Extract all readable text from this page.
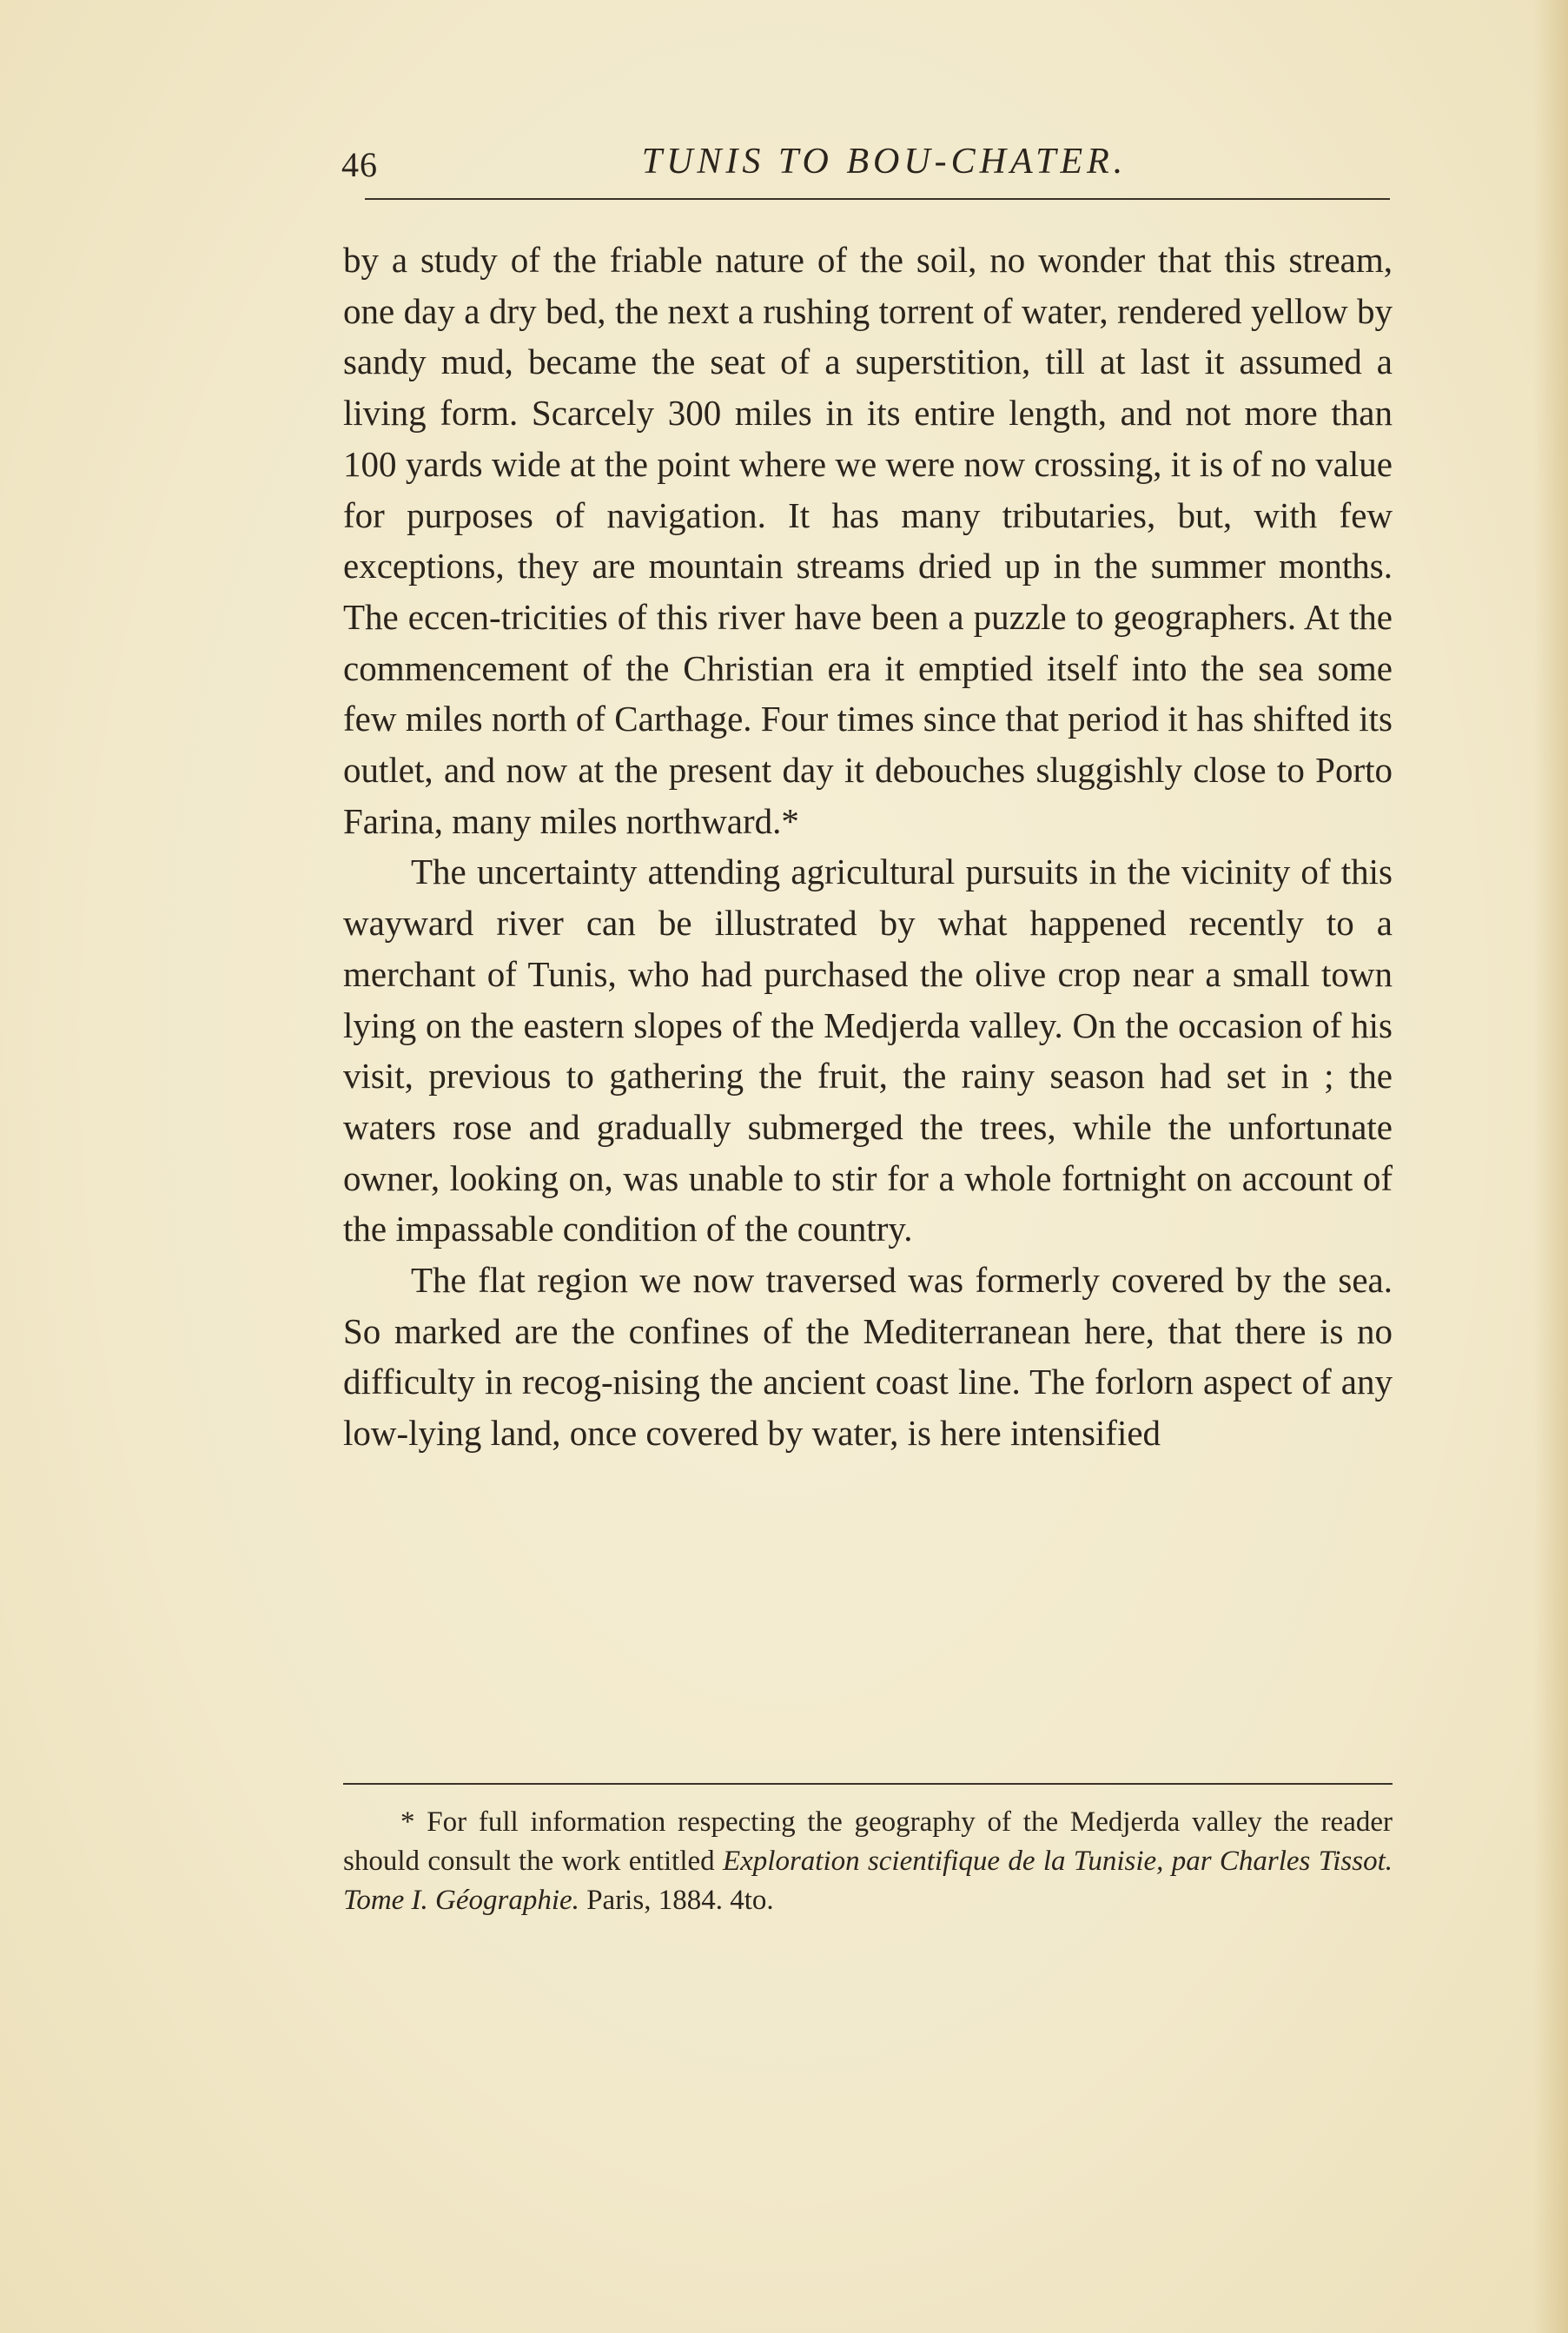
46	TUNIS TO BOU-CHATER.

by a study of the friable nature of the soil, no wonder that this stream, one day a dry bed, the next a rushing torrent of water, rendered yellow by sandy mud, became the seat of a superstition, till at last it assumed a living form. Scarcely 300 miles in its entire length, and not more than 100 yards wide at the point where we were now crossing, it is of no value for purposes of navigation. It has many tributaries, but, with few exceptions, they are mountain streams dried up in the summer months. The eccen-tricities of this river have been a puzzle to geographers. At the commencement of the Christian era it emptied itself into the sea some few miles north of Carthage. Four times since that period it has shifted its outlet, and now at the present day it debouches sluggishly close to Porto Farina, many miles northward.*

The uncertainty attending agricultural pursuits in the vicinity of this wayward river can be illustrated by what happened recently to a merchant of Tunis, who had purchased the olive crop near a small town lying on the eastern slopes of the Medjerda valley. On the occasion of his visit, previous to gathering the fruit, the rainy season had set in ; the waters rose and gradually submerged the trees, while the unfortunate owner, looking on, was unable to stir for a whole fortnight on account of the impassable condition of the country.

The flat region we now traversed was formerly covered by the sea. So marked are the confines of the Mediterranean here, that there is no difficulty in recog-nising the ancient coast line. The forlorn aspect of any low-lying land, once covered by water, is here intensified

* For full information respecting the geography of the Medjerda valley the reader should consult the work entitled Exploration scientifique de la Tunisie, par Charles Tissot. Tome I. Géographie. Paris, 1884. 4to.
